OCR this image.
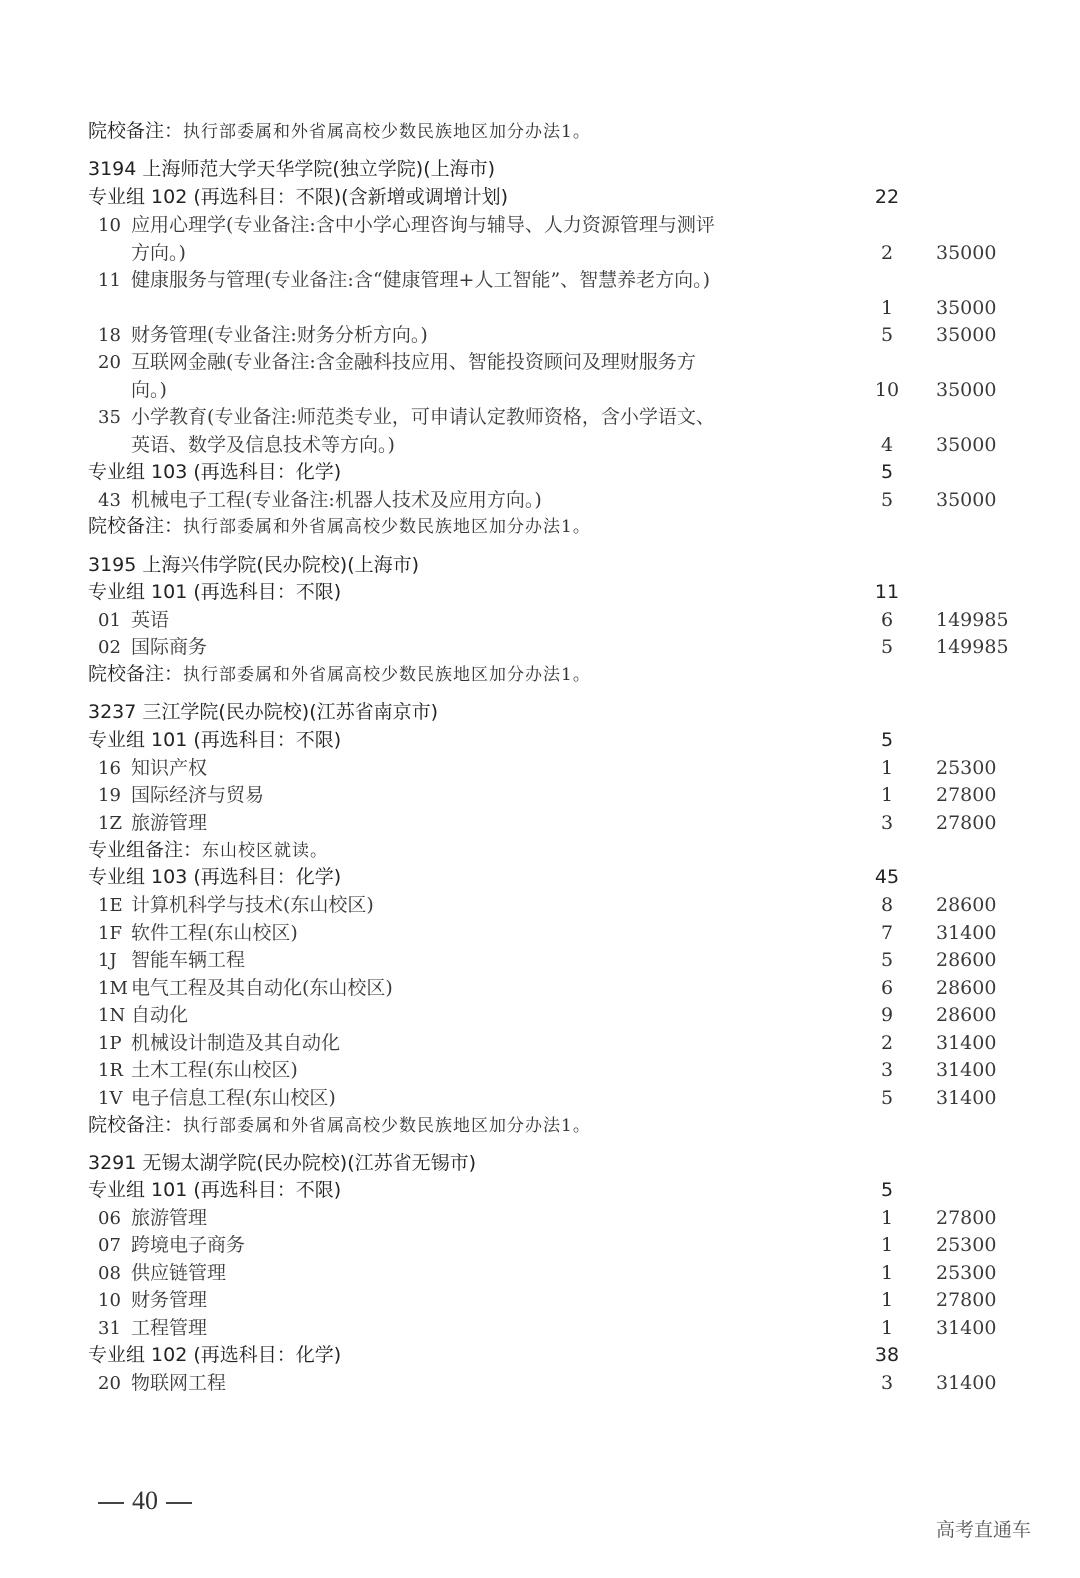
院校备注：执行部委属和外省属高校少数民族地区加分办法1。
3194 上海师范大学天华学院(独立学院)(上海市)
专业组 102 (再选科目：不限)(含新增或调增计划)	22
10 应用心理学(专业备注:含中小学心理咨询与辅导、人力资源管理与测评
方向。)	2	35000
11 健康服务与管理(专业备注:含“健康管理+人工智能”、智慧养老方向。)
1	35000
18 财务管理(专业备注:财务分析方向。)	5	35000
20 互联网金融(专业备注:含金融科技应用、智能投资顾问及理财服务方
向。)	10	35000
35 小学教育(专业备注:师范类专业，可申请认定教师资格，含小学语文、
英语、数学及信息技术等方向。)	4	35000
专业组 103 (再选科目：化学)	5
43 机械电子工程(专业备注:机器人技术及应用方向。)	5	35000
院校备注：执行部委属和外省属高校少数民族地区加分办法1。
3195 上海兴伟学院(民办院校)(上海市)
专业组 101 (再选科目：不限)	11
01 英语	6	149985
02 国际商务	5	149985
院校备注：执行部委属和外省属高校少数民族地区加分办法1。
3237 三江学院(民办院校)(江苏省南京市)
专业组 101 (再选科目：不限)	5
16 知识产权	1	25300
19 国际经济与贸易	1	27800
1Z 旅游管理	3	27800
专业组备注：东山校区就读。
专业组 103 (再选科目：化学)	45
1E 计算机科学与技术(东山校区)	8	28600
1F 软件工程(东山校区)	7	31400
1J 智能车辆工程	5	28600
1M 电气工程及其自动化(东山校区)	6	28600
1N 自动化	9	28600
1P 机械设计制造及其自动化	2	31400
1R 土木工程(东山校区)	3	31400
1V 电子信息工程(东山校区)	5	31400
院校备注：执行部委属和外省属高校少数民族地区加分办法1。
3291 无锡太湖学院(民办院校)(江苏省无锡市)
专业组 101 (再选科目：不限)	5
06 旅游管理	1	27800
07 跨境电子商务	1	25300
08 供应链管理	1	25300
10 财务管理	1	27800
31 工程管理	1	31400
专业组 102 (再选科目：化学)	38
20 物联网工程	3	31400
40
高考直通车
